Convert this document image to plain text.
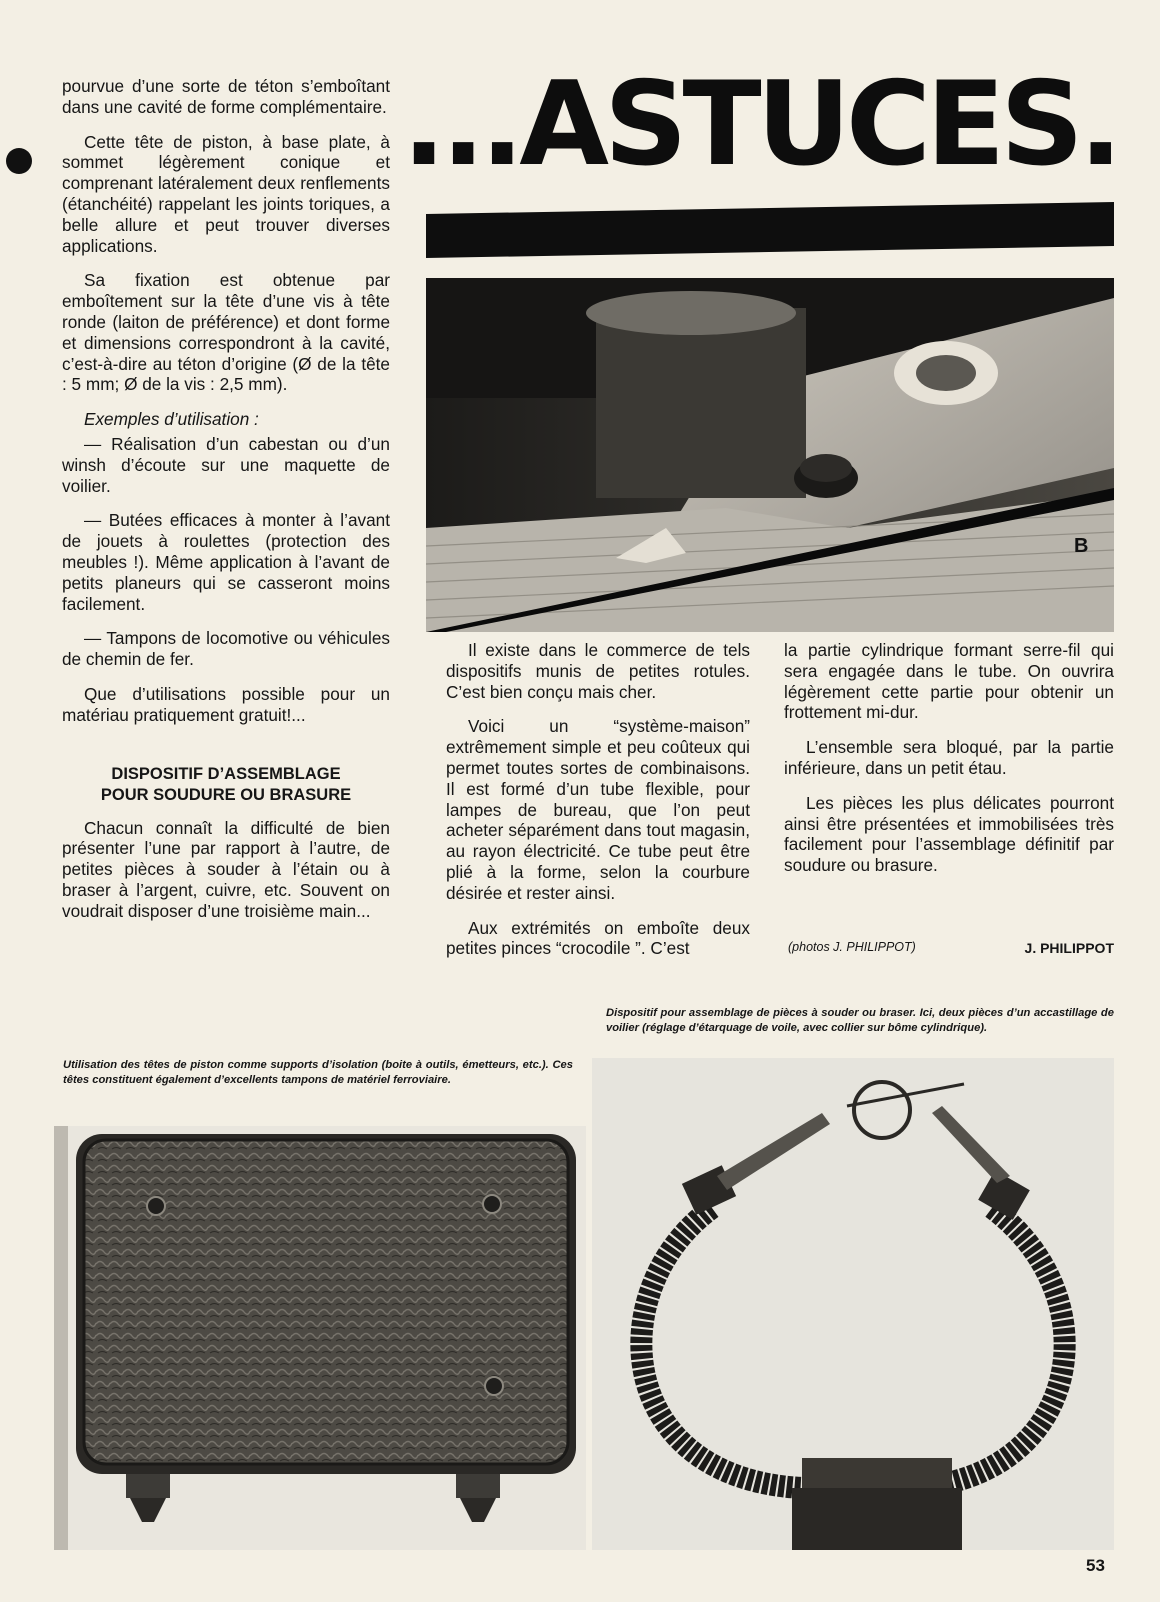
...ASTUCES.

pourvue d’une sorte de téton s’emboîtant dans une cavité de forme complémentaire.

Cette tête de piston, à base plate, à sommet légèrement conique et comprenant latéralement deux renflements (étanchéité) rappelant les joints toriques, a belle allure et peut trouver diverses applications.

Sa fixation est obtenue par emboîtement sur la tête d’une vis à tête ronde (laiton de préférence) et dont forme et dimensions correspondront à la cavité, c’est-à-dire au téton d’origine (Ø de la tête : 5 mm; Ø de la vis : 2,5 mm).

Exemples d’utilisation :

— Réalisation d’un cabestan ou d’un winsh d’écoute sur une maquette de voilier.

— Butées efficaces à monter à l’avant de jouets à roulettes (protection des meubles !). Même application à l’avant de petits planeurs qui se casseront moins facilement.

— Tampons de locomotive ou véhicules de chemin de fer.

Que d’utilisations possible pour un matériau pratiquement gratuit!...

DISPOSITIF D’ASSEMBLAGE
POUR SOUDURE OU BRASURE

Chacun connaît la difficulté de bien présenter l’une par rapport à l’autre, de petites pièces à souder à l’étain ou à braser à l’argent, cuivre, etc. Souvent on voudrait disposer d’une troisième main...

B

Il existe dans le commerce de tels dispositifs munis de petites rotules. C’est bien conçu mais cher.

Voici un “système-maison” extrêmement simple et peu coûteux qui permet toutes sortes de combinaisons. Il est formé d’un tube flexible, pour lampes de bureau, que l’on peut acheter séparément dans tout magasin, au rayon électricité. Ce tube peut être plié à la forme, selon la courbure désirée et rester ainsi.

Aux extrémités on emboîte deux petites pinces “crocodile ”. C’est

la partie cylindrique formant serre-fil qui sera engagée dans le tube. On ouvrira légèrement cette partie pour obtenir un frottement mi-dur.

L’ensemble sera bloqué, par la partie inférieure, dans un petit étau.

Les pièces les plus délicates pourront ainsi être présentées et immobilisées très facilement pour l’assemblage définitif par soudure ou brasure.

(photos J. PHILIPPOT)	J. PHILIPPOT
Dispositif pour assemblage de pièces à souder ou braser. Ici, deux pièces d’un accastillage de voilier (réglage d’étarquage de voile, avec collier sur bôme cylindrique).
Utilisation des têtes de piston comme supports d’isolation (boite à outils, émetteurs, etc.). Ces têtes constituent également d’excellents tampons de matériel ferroviaire.
53
